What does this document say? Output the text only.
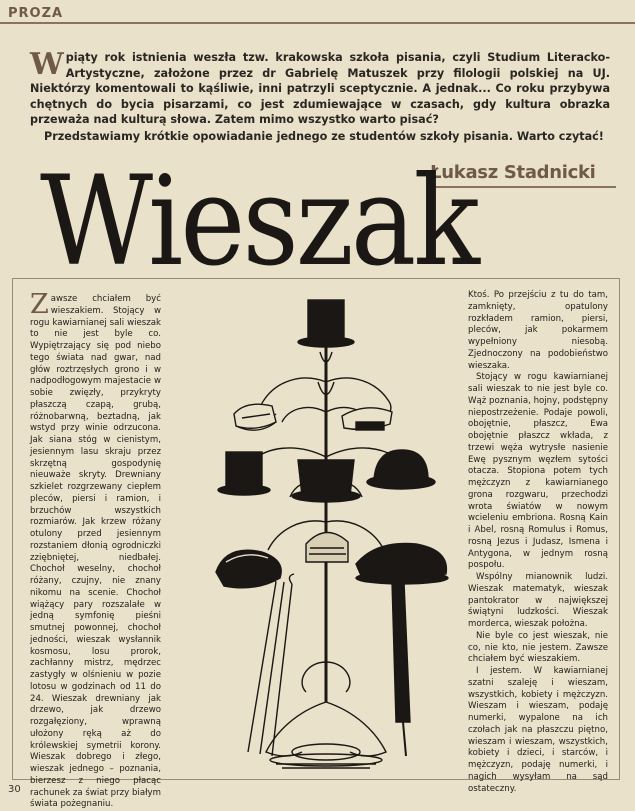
PROZA

Wpiąty rok istnienia weszła tzw. krakowska szkoła pisania, czyli Studium Literacko-Artystyczne, założone przez dr Gabrielę Matuszek przy filologii polskiej na UJ. Niektórzy komentowali to kąśliwie, inni patrzyli sceptycznie. A jednak... Co roku przybywa chętnych do bycia pisarzami, co jest zdumiewające w czasach, gdy kultura obrazka przeważa nad kulturą słowa. Zatem mimo wszystko warto pisać?

Przedstawiamy krótkie opowiadanie jednego ze studentów szkoły pisania. Warto czytać!

Łukasz Stadnicki
Wieszak

Zawsze chciałem być wieszakiem. Stojący w rogu kawiarnianej sali wieszak to nie jest byle co. Wypiętrzający się pod niebo tego świata nad gwar, nad głów roztrzęsłych grono i w nadpodłogowym majestacie w sobie zwięzły, przykryty płaszczą czapą, grubą, różnobarwną, beztadną, jak wstyd przy winie odrzucona. Jak siana stóg w cienistym, jesiennym lasu skraju przez skrzętną gospodynię nieuważe skryty. Drewniany szkielet rozgrzewany ciepłem pleców, piersi i ramion, i brzuchów wszystkich rozmiarów. Jak krzew różany otulony przed jesiennym rozstaniem dłonią ogrodniczki zziębniętej, niedbałej. Chochoł weselny, chochoł różany, czujny, nie znany nikomu na scenie. Chochoł wiążący pary rozszalałe w jedną symfonię pieśni smutnej powonnej, chochoł jedności, wieszak wysłannik kosmosu, losu prorok, zachłanny mistrz, mędrzec zastygły w olśnieniu w pozie lotosu w godzinach od 11 do 24. Wieszak drewniany jak drzewo, jak drzewo rozgałęziony, wprawną ułożony ręką aż do królewskiej symetrii korony. Wieszak dobrego i złego, wieszak jednego – poznania, bierzesz z niego płacąc rachunek za świat przy białym świata pożegnaniu.

Ktoś. Po przejściu z tu do tam, zamknięty, opatulony rozkładem ramion, piersi, pleców, jak pokarmem wypełniony niesobą. Zjednoczony na podobieństwo wieszaka.

Stojący w rogu kawiarnianej sali wieszak to nie jest byle co. Wąż poznania, hojny, podstępny niepostrzeżenie. Podaje powoli, obojętnie, płaszcz, Ewa obojętnie płaszcz wkłada, z trzewi węża wytrysłe nasienie Ewę pysznym węzłem sytości otacza. Stopiona potem tych mężczyzn z kawiarnianego grona rozgwaru, przechodzi wrota światów w nowym wcieleniu embriona. Rosną Kain i Abel, rosną Romulus i Romus, rosną Jezus i Judasz, Ismena i Antygona, w jednym rosną pospołu.

Wspólny mianownik ludzi. Wieszak matematyk, wieszak pantokrator w największej świątyni ludzkości. Wieszak morderca, wieszak położna.

Nie byle co jest wieszak, nie co, nie kto, nie jestem. Zawsze chciałem być wieszakiem.

I jestem. W kawiarnianej szatni szaleję i wieszam, wszystkich, kobiety i mężczyzn. Wieszam i wieszam, podaję numerki, wypalone na ich czołach jak na płaszczu piętno, wieszam i wieszam, wszystkich, kobiety i dzieci, i starców, i mężczyzn, podaję numerki, i nagich wysyłam na sąd ostateczny.

30
